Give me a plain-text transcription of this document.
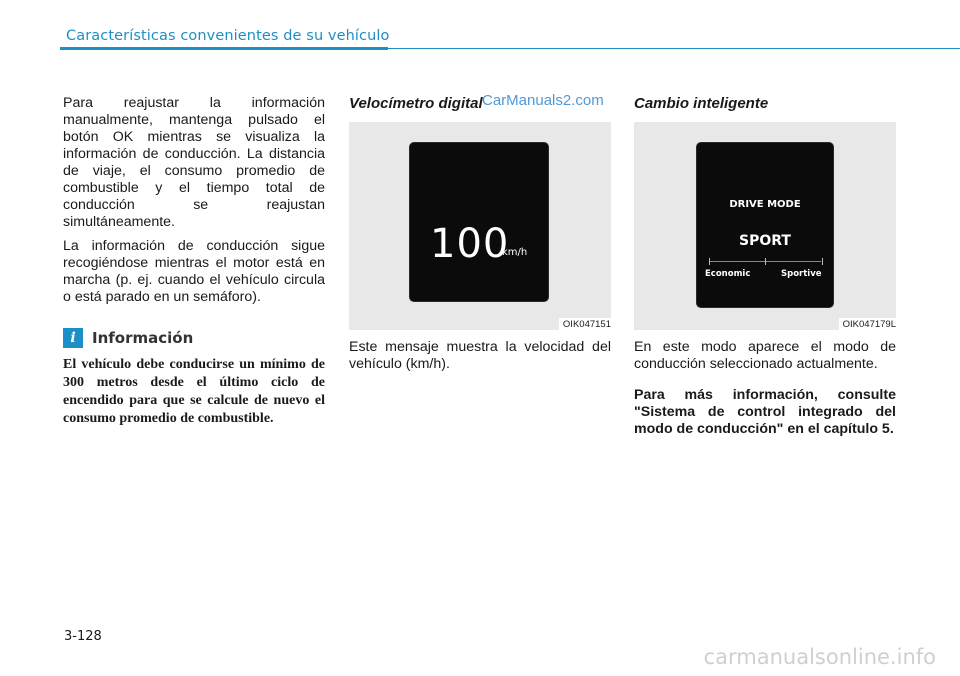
Características convenientes de su vehículo

Para reajustar la información manualmente, mantenga pulsado el botón OK mientras se visualiza la información de conducción. La distancia de viaje, el consumo promedio de combustible y el tiempo total de conducción se reajustan simultáneamente.

La información de conducción sigue recogiéndose mientras el motor está en marcha (p. ej. cuando el vehículo circula o está parado en un semáforo).

i	Información

El vehículo debe conducirse un mínimo de 300 metros desde el último ciclo de encendido para que se calcule de nuevo el consumo promedio de combustible.

Velocímetro digital
100
km/h
OIK047151

Este mensaje muestra la velocidad del vehículo (km/h).

Cambio inteligente
DRIVE MODE
SPORT
Economic	Sportive
OIK047179L

En este modo aparece el modo de conducción seleccionado actualmente.

Para más información, consulte "Sistema de control integrado del modo de conducción" en el capítulo 5.

CarManuals2.com
3-128
carmanualsonline.info
